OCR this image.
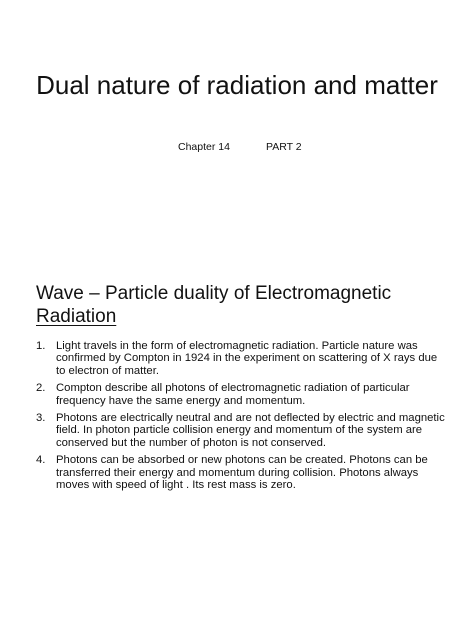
Dual nature of radiation and matter
Chapter 14	PART 2
Wave – Particle duality of Electromagnetic
Radiation
1. Light travels in the form of electromagnetic radiation. Particle nature was confirmed by Compton in 1924 in the experiment on scattering of X rays due to electron of matter.
2. Compton describe all photons of electromagnetic radiation of particular frequency have the same energy and momentum.
3. Photons are electrically neutral and are not deflected by electric and magnetic field. In photon particle collision energy and momentum of the system are conserved but the number of photon is not conserved.
4. Photons can be absorbed or new photons can be created. Photons can be transferred their energy and momentum during collision. Photons always moves with speed of light . Its rest mass is zero.
